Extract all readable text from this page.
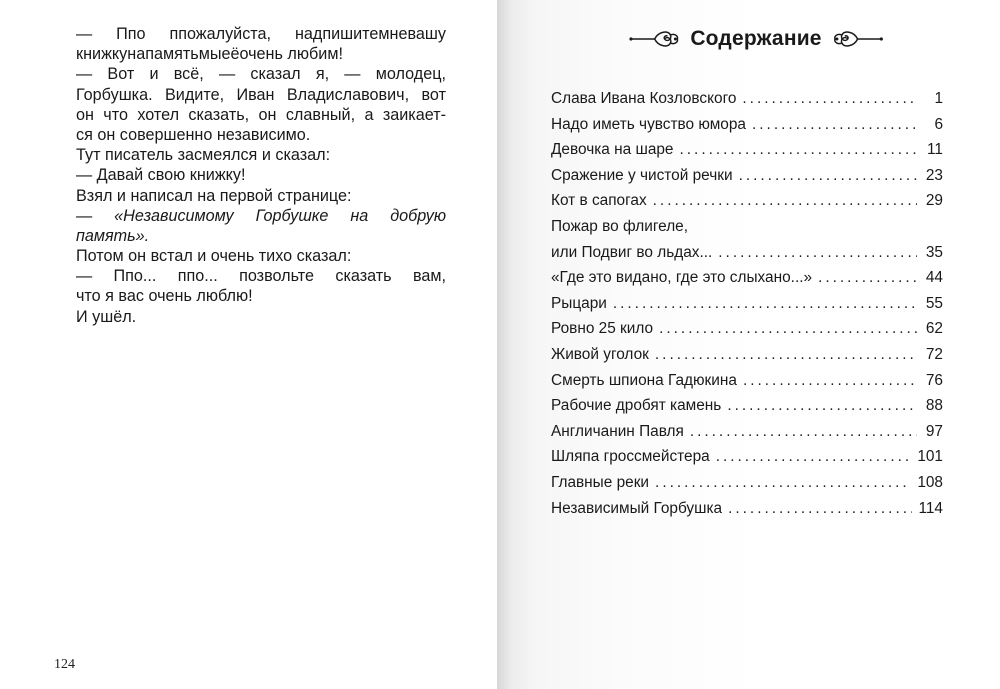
— Ппо ппожалуйста, надпишитемневашу
книжкунапамятьмыеёочень любим!
— Вот и всё, — сказал я, — молодец,
Горбушка. Видите, Иван Владиславович, вот
он что хотел сказать, он славный, а заикает-
ся он совершенно независимо.
Тут писатель засмеялся и сказал:
— Давай свою книжку!
Взял и написал на первой странице:
— «Независимому Горбушке на добрую
память».
Потом он встал и очень тихо сказал:
— Ппо... ппо... позвольте сказать вам,
что я вас очень люблю!
И ушёл.
124
Содержание
Слава Ивана Козловского .....	1
Надо иметь чувство юмора .....	6
Девочка на шаре .....	11
Сражение у чистой речки .....	23
Кот в сапогах .....	29
Пожар во флигеле,
или Подвиг во льдах... .....	35
«Где это видано, где это слыхано...» .....	44
Рыцари .....	55
Ровно 25 кило .....	62
Живой уголок .....	72
Смерть шпиона Гадюкина .....	76
Рабочие дробят камень .....	88
Англичанин Павля .....	97
Шляпа гроссмейстера .....	101
Главные реки .....	108
Независимый Горбушка .....	114
